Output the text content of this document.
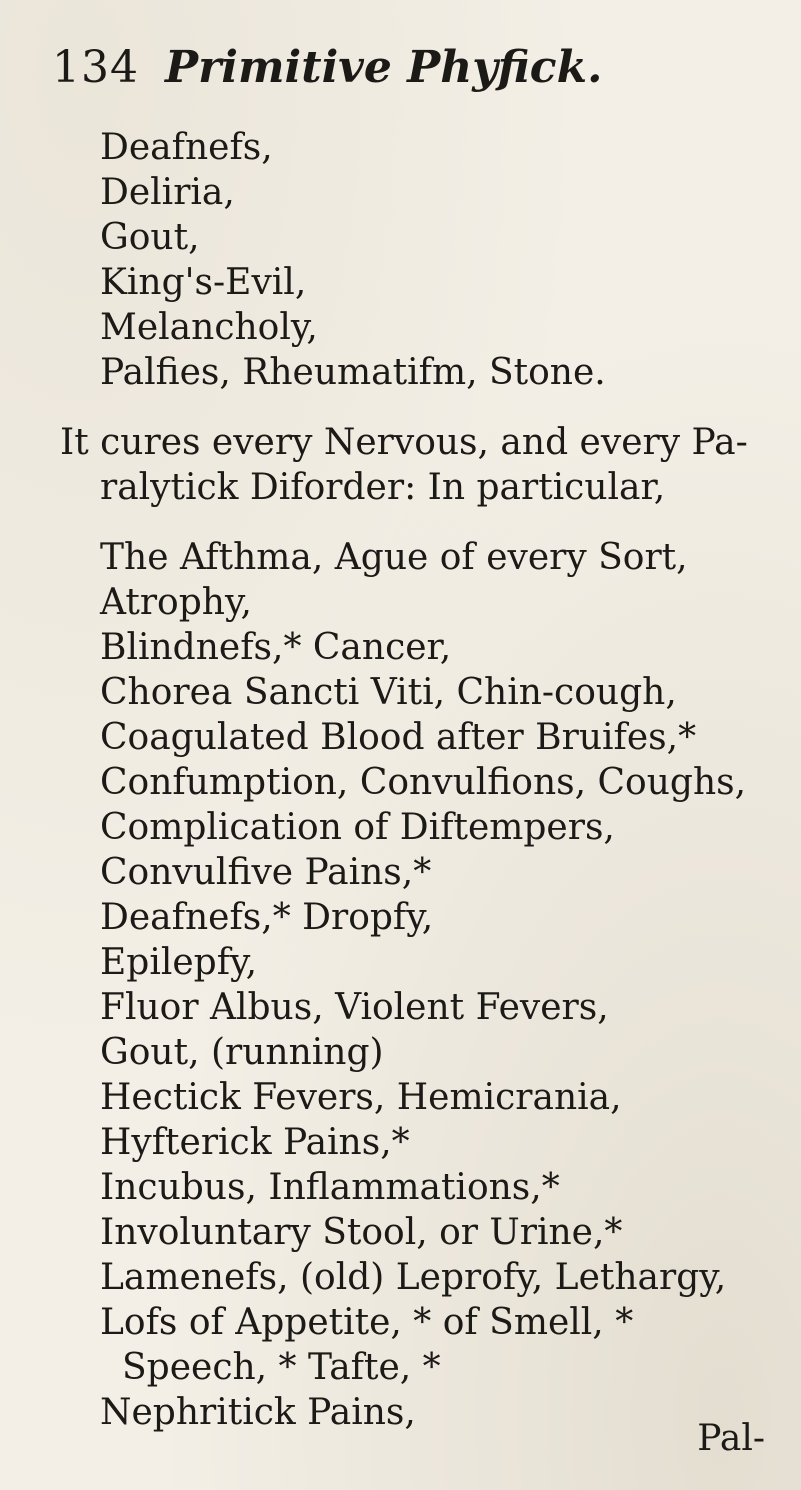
134 Primitive Phyfick.
Deafnefs,
Deliria,
Gout,
King's-Evil,
Melancholy,
Palfies, Rheumatifm, Stone.
It cures every Nervous, and every Pa-
ralytick Diforder: In particular,
The Afthma, Ague of every Sort,
Atrophy,
Blindnefs,* Cancer,
Chorea Sancti Viti, Chin-cough,
Coagulated Blood after Bruifes,*
Confumption, Convulfions, Coughs,
Complication of Diftempers,
Convulfive Pains,*
Deafnefs,* Dropfy,
Epilepfy,
Fluor Albus, Violent Fevers,
Gout, (running)
Hectick Fevers, Hemicrania,
Hyfterick Pains,*
Incubus, Inflammations,*
Involuntary Stool, or Urine,*
Lamenefs, (old) Leprofy, Lethargy,
Lofs of Appetite, * of Smell, *
Speech, * Tafte, *
Nephritick Pains,
Pal-
